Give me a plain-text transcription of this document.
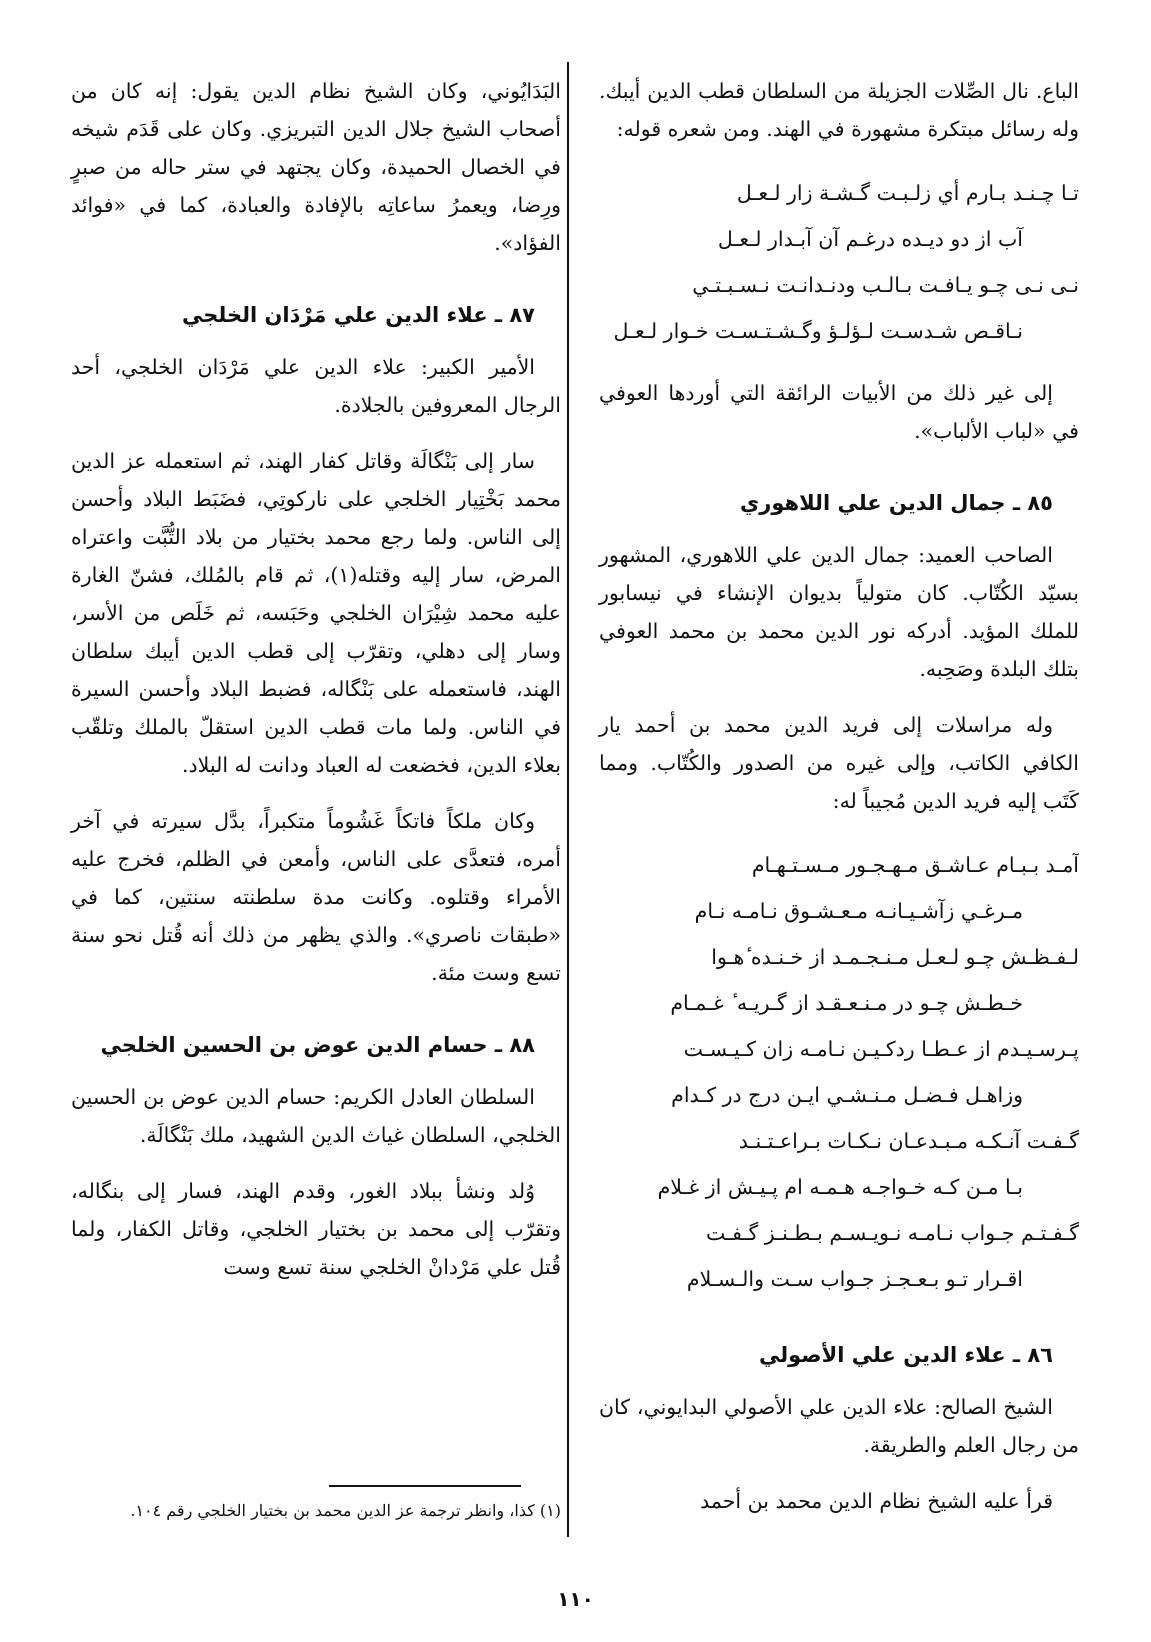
الباع. نال الصِّلات الجزيلة من السلطان قطب الدين أيبك. وله رسائل مبتكرة مشهورة في الهند. ومن شعره قوله:

تـا چـنـد بـارم أي زلـبـت گـشـة زار لـعـل
آب از دو ديـده درغـم آن آبـدار لـعـل
نـى نـى چـو يـافـت بـالـب ودنـدانـت نـسـبـتـي
نـاقـص شـدسـت لـؤلـؤ وگـشـتـسـت خـوار لـعـل

إلى غير ذلك من الأبيات الرائقة التي أوردها العوفي في «لباب الألباب».

٨٥ ـ جمال الدين علي اللاهوري

الصاحب العميد: جمال الدين علي اللاهوري، المشهور بسيّد الكُتّاب. كان متولياً بديوان الإنشاء في نيسابور للملك المؤيد. أدركه نور الدين محمد بن محمد العوفي بتلك البلدة وصَحِبه.

وله مراسلات إلى فريد الدين محمد بن أحمد يار الكافي الكاتب، وإلى غيره من الصدور والكُتّاب. ومما كَتَب إليه فريد الدين مُجيباً له:

آمـد بـبـام عـاشـق مـهـجـور مـسـتـهـام
مـرغـي زآشـيـانـه مـعـشـوق نـامـه نـام
لـفـظـش چـو لـعـل مـنـجـمـد از خـنـده ٔهـوا
خـطـش چـو در مـنـعـقـد از گـريـه ٔ غـمـام
پـرسـيـدم از عـطـا ردكـيـن نـامـه زان كـيـسـت
وزاهـل فـضـل مـنـشـي ايـن درج در كـدام
گـفـت آنـكـه مـبـدعـان نـكـات بـراعـتـنـد
بـا مـن كـه خـواجـه هـمـه ام پـيـش از غـلام
گـفـتـم جـواب نـامـه نـويـسـم بـطـنـز گـفـت
اقـرار تـو بـعـجـز جـواب سـت والـسـلام
٨٦ ـ علاء الدين علي الأصولي

الشيخ الصالح: علاء الدين علي الأصولي البدايوني، كان من رجال العلم والطريقة.

قرأ عليه الشيخ نظام الدين محمد بن أحمد

البَدَايُوني، وكان الشيخ نظام الدين يقول: إنه كان من أصحاب الشيخ جلال الدين التبريزي. وكان على قَدَم شيخه في الخصال الحميدة، وكان يجتهد في ستر حاله من صبرٍ ورِضا، ويعمرُ ساعاتِه بالإفادة والعبادة، كما في «فوائد الفؤاد».

٨٧ ـ علاء الدين علي مَرْدَان الخلجي

الأمير الكبير: علاء الدين علي مَرْدَان الخلجي، أحد الرجال المعروفين بالجلادة.

سار إلى بَنْگالَة وقاتل كفار الهند، ثم استعمله عز الدين محمد بَخْتِيار الخلجي على ناركوتِي، فضَبَط البلاد وأحسن إلى الناس. ولما رجع محمد بختيار من بلاد التُّبَّت واعتراه المرض، سار إليه وقتله(١)، ثم قام بالمُلك، فشنّ الغارة عليه محمد شِيْرَان الخلجي وحَبَسه، ثم خَلَص من الأسر، وسار إلى دهلي، وتقرّب إلى قطب الدين أيبك سلطان الهند، فاستعمله على بَنْگاله، فضبط البلاد وأحسن السيرة في الناس. ولما مات قطب الدين استقلّ بالملك وتلقّب بعلاء الدين، فخضعت له العباد ودانت له البلاد.

وكان ملكاً فاتكاً غَشُوماً متكبراً، بدَّل سيرته في آخر أمره، فتعدَّى على الناس، وأمعن في الظلم، فخرج عليه الأمراء وقتلوه. وكانت مدة سلطنته سنتين، كما في «طبقات ناصري». والذي يظهر من ذلك أنه قُتل نحو سنة تسع وست مئة.

٨٨ ـ حسام الدين عوض بن الحسين الخلجي

السلطان العادل الكريم: حسام الدين عوض بن الحسين الخلجي، السلطان غياث الدين الشهيد، ملك بَنْگالَة.

وُلد ونشأ ببلاد الغور، وقدم الهند، فسار إلى بنگاله، وتقرّب إلى محمد بن بختيار الخلجي، وقاتل الكفار، ولما قُتل علي مَرْدانْ الخلجي سنة تسع وست

(١) كذا، وانظر ترجمة عز الدين محمد بن بختيار الخلجي رقم ١٠٤.
١١٠
